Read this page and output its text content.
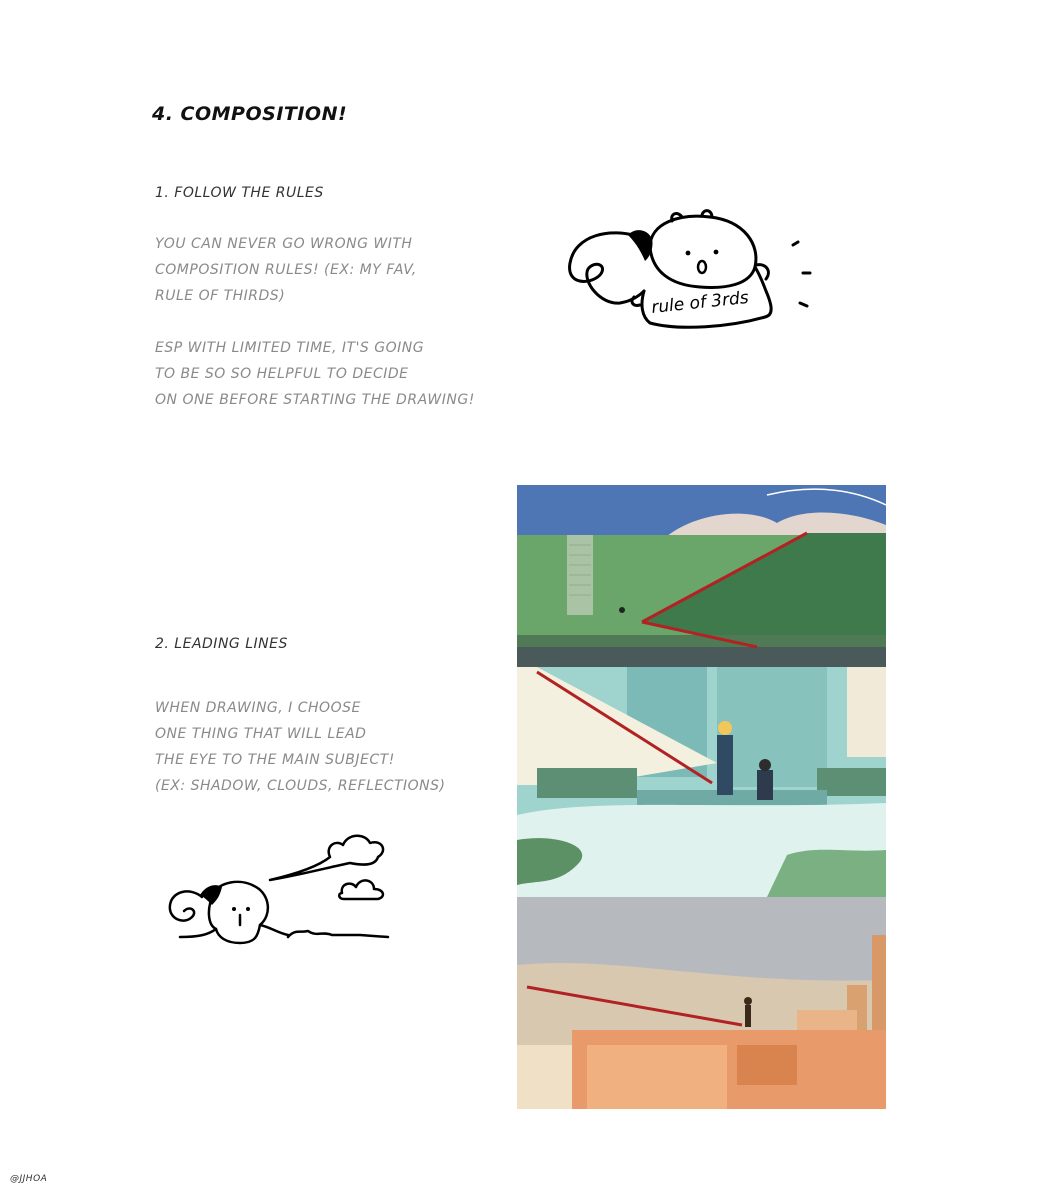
4. COMPOSITION!
1. FOLLOW THE RULES

YOU CAN NEVER GO WRONG WITH
COMPOSITION RULES! (EX: MY FAV,
RULE OF THIRDS)

ESP WITH LIMITED TIME, IT'S GOING
TO BE SO SO HELPFUL TO DECIDE
ON ONE BEFORE STARTING THE DRAWING!

rule of 3rds
2. LEADING LINES

WHEN DRAWING, I CHOOSE
ONE THING THAT WILL LEAD
THE EYE TO THE MAIN SUBJECT!
(EX: SHADOW, CLOUDS, REFLECTIONS)

@JJHOA
